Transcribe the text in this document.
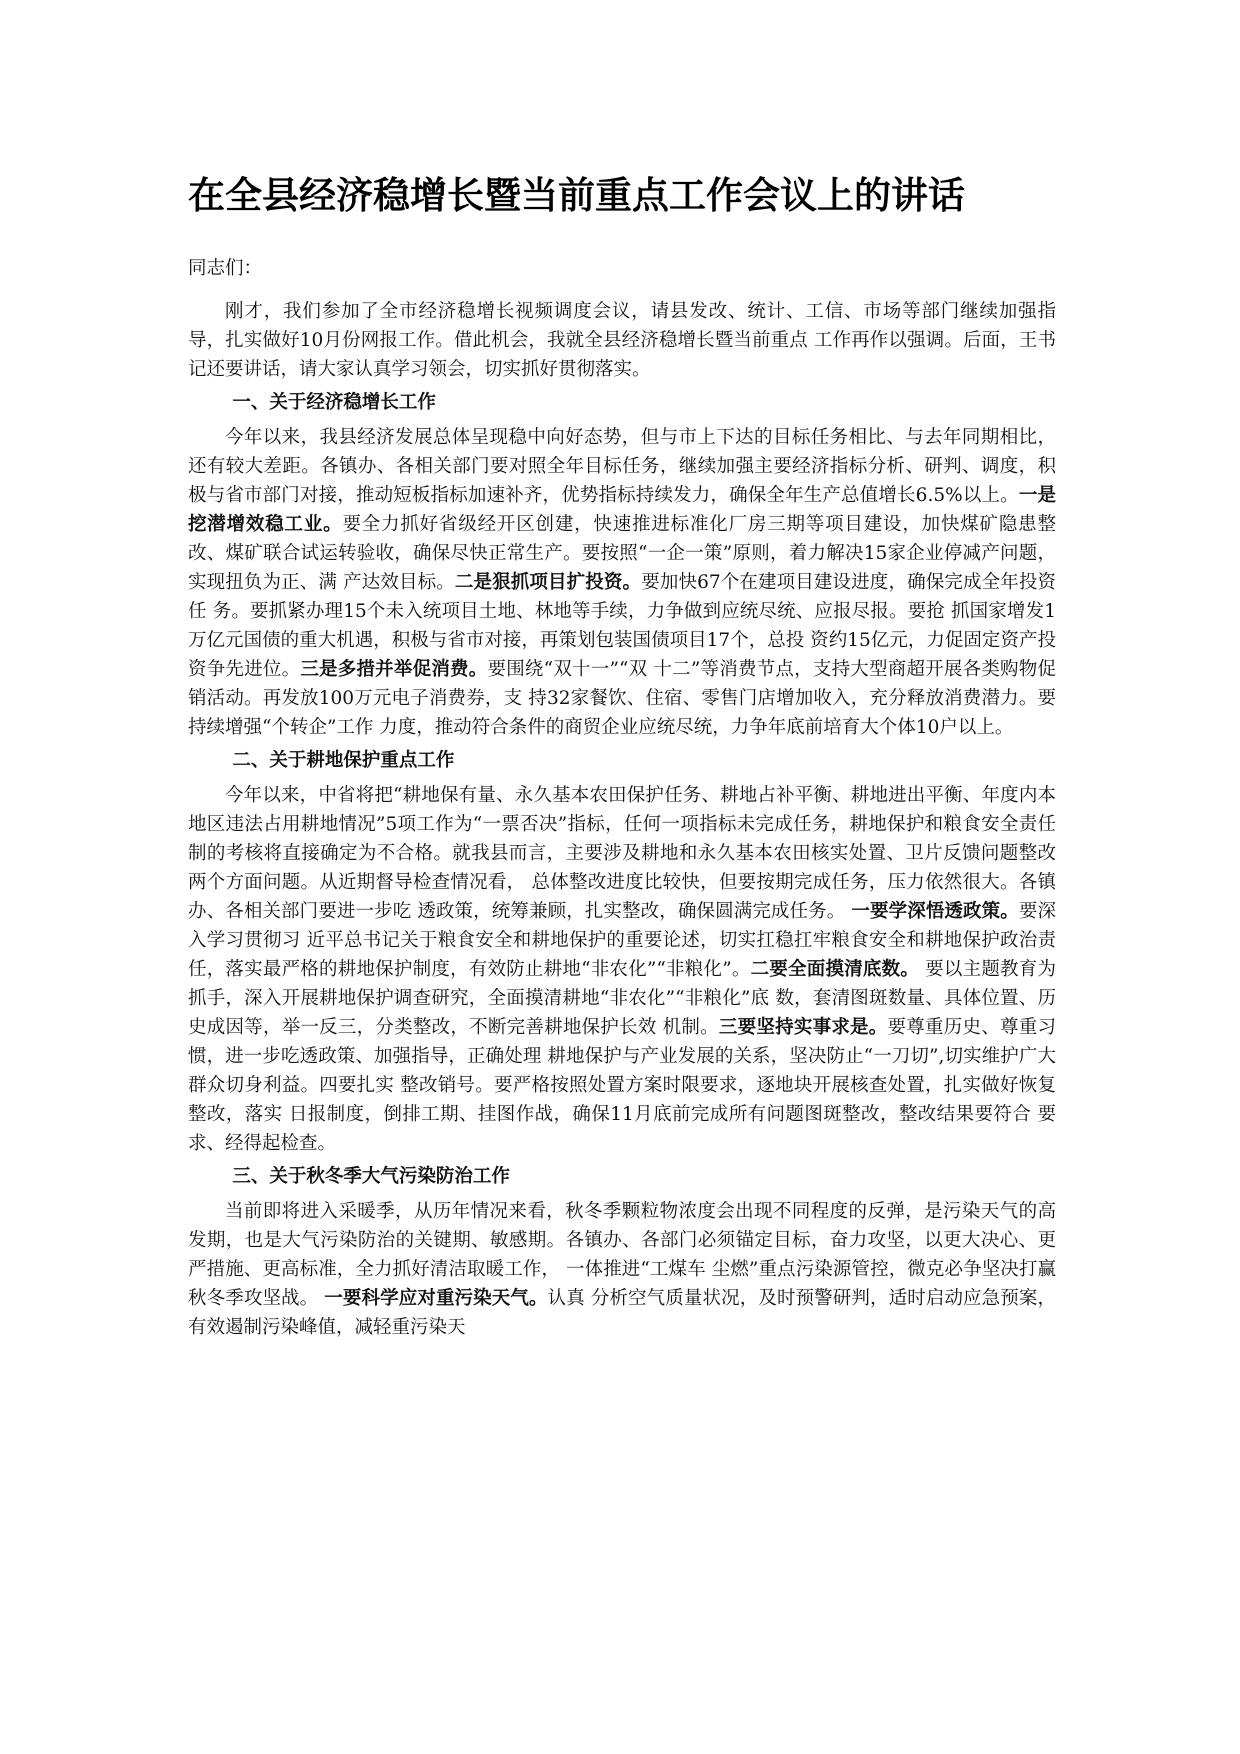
在全县经济稳增长暨当前重点工作会议上的讲话

同志们：

刚才，我们参加了全市经济稳增长视频调度会议，请县发改、统计、工信、市场等部门继续加强指导，扎实做好10月份网报工作。借此机会，我就全县经济稳增长暨当前重点 工作再作以强调。后面，王书记还要讲话，请大家认真学习领会，切实抓好贯彻落实。

一、关于经济稳增长工作

今年以来，我县经济发展总体呈现稳中向好态势，但与市上下达的目标任务相比、与去年同期相比，还有较大差距。各镇办、各相关部门要对照全年目标任务，继续加强主要经济指标分析、研判、调度，积极与省市部门对接，推动短板指标加速补齐，优势指标持续发力，确保全年生产总值增长6.5%以上。一是挖潜增效稳工业。要全力抓好省级经开区创建，快速推进标准化厂房三期等项目建设，加快煤矿隐患整改、煤矿联合试运转验收，确保尽快正常生产。要按照“一企一策”原则，着力解决15家企业停减产问题，实现扭负为正、满 产达效目标。二是狠抓项目扩投资。要加快67个在建项目建设进度，确保完成全年投资任 务。要抓紧办理15个未入统项目土地、林地等手续，力争做到应统尽统、应报尽报。要抢 抓国家增发1万亿元国债的重大机遇，积极与省市对接，再策划包装国债项目17个，总投 资约15亿元，力促固定资产投资争先进位。三是多措并举促消费。要围绕“双十一”“双 十二”等消费节点，支持大型商超开展各类购物促销活动。再发放100万元电子消费券，支 持32家餐饮、住宿、零售门店增加收入，充分释放消费潜力。要持续增强“个转企”工作 力度，推动符合条件的商贸企业应统尽统，力争年底前培育大个体10户以上。

二、关于耕地保护重点工作

今年以来，中省将把“耕地保有量、永久基本农田保护任务、耕地占补平衡、耕地进出平衡、年度内本地区违法占用耕地情况”5项工作为“一票否决”指标，任何一项指标未完成任务，耕地保护和粮食安全责任制的考核将直接确定为不合格。就我县而言，主要涉及耕地和永久基本农田核实处置、卫片反馈问题整改两个方面问题。从近期督导检查情况看， 总体整改进度比较快，但要按期完成任务，压力依然很大。各镇办、各相关部门要进一步吃 透政策，统筹兼顾，扎实整改，确保圆满完成任务。 一要学深悟透政策。要深入学习贯彻习 近平总书记关于粮食安全和耕地保护的重要论述，切实扛稳扛牢粮食安全和耕地保护政治责 任，落实最严格的耕地保护制度，有效防止耕地“非农化”“非粮化”。二要全面摸清底数。 要以主题教育为抓手，深入开展耕地保护调查研究，全面摸清耕地“非农化”“非粮化”底 数，套清图斑数量、具体位置、历史成因等，举一反三，分类整改，不断完善耕地保护长效 机制。三要坚持实事求是。要尊重历史、尊重习惯，进一步吃透政策、加强指导，正确处理 耕地保护与产业发展的关系，坚决防止“一刀切”,切实维护广大群众切身利益。四要扎实 整改销号。要严格按照处置方案时限要求，逐地块开展核查处置，扎实做好恢复整改，落实 日报制度，倒排工期、挂图作战，确保11月底前完成所有问题图斑整改，整改结果要符合 要求、经得起检查。

三、关于秋冬季大气污染防治工作

当前即将进入采暖季，从历年情况来看，秋冬季颗粒物浓度会出现不同程度的反弹，是污染天气的高发期，也是大气污染防治的关键期、敏感期。各镇办、各部门必须锚定目标，奋力攻坚，以更大决心、更严措施、更高标准，全力抓好清洁取暖工作， 一体推进“工煤车 尘燃”重点污染源管控，微克必争坚决打赢秋冬季攻坚战。 一要科学应对重污染天气。认真 分析空气质量状况，及时预警研判，适时启动应急预案，有效遏制污染峰值，减轻重污染天
